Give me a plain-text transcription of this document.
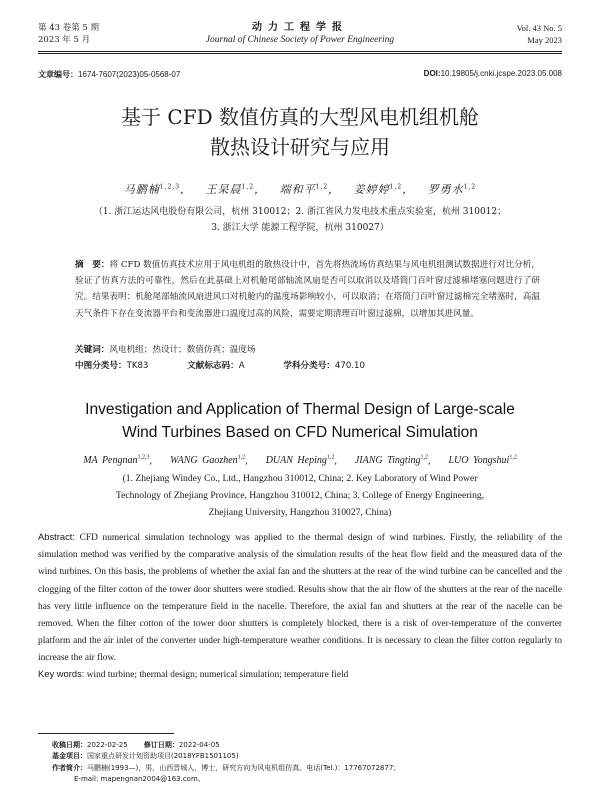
第 43 卷第 5 期
2023 年 5 月
动力工程学报
Journal of Chinese Society of Power Engineering
Vol. 43 No. 5
May 2023
文章编号：1674-7607(2023)05-0568-07	DOI:10.19805/j.cnki.jcspe.2023.05.008
基于 CFD 数值仿真的大型风电机组机舱
散热设计研究与应用
马鹏楠$^{1,2,3}$，   王杲晨$^{1,2}$，   端和平$^{1,2}$，   姜婷婷$^{1,2}$，   罗勇水$^{1,2}$
（1. 浙江运达风电股份有限公司，杭州 310012；2. 浙江省风力发电技术重点实验室，杭州 310012；
3. 浙江大学 能源工程学院，杭州 310027）
摘　要：将 CFD 数值仿真技术应用于风电机组的散热设计中，首先将热流场仿真结果与风电机组测试数据进行对比分析，验证了仿真方法的可靠性，然后在此基础上对机舱尾部轴流风扇是否可以取消以及塔筒门百叶窗过滤棉堵塞问题进行了研究。结果表明：机舱尾部轴流风扇进风口对机舱内的温度场影响较小，可以取消；在塔筒门百叶窗过滤棉完全堵塞时，高温天气条件下存在变流器平台和变流器进口温度过高的风险，需要定期清理百叶窗过滤棉，以增加其进风量。
关键词：风电机组；热设计；数值仿真；温度场
中图分类号：TK83	文献标志码：A	学科分类号：470.10
Investigation and Application of Thermal Design of Large-scale
Wind Turbines Based on CFD Numerical Simulation
MA Pengnan$^{1,2,3}$,    WANG Gaozhen$^{1,2}$,    DUAN Heping$^{1,2}$,    JIANG Tingting$^{1,2}$,    LUO Yongshui$^{1,2}$
(1. Zhejiang Windey Co., Ltd., Hangzhou 310012, China; 2. Key Laboratory of Wind Power
Technology of Zhejiang Province, Hangzhou 310012, China; 3. College of Energy Engineering,
Zhejiang University, Hangzhou 310027, China)
Abstract: CFD numerical simulation technology was applied to the thermal design of wind turbines. Firstly, the reliability of the simulation method was verified by the comparative analysis of the simulation results of the heat flow field and the measured data of the wind turbines. On this basis, the problems of whether the axial fan and the shutters at the rear of the wind turbine can be cancelled and the clogging of the filter cotton of the tower door shutters were studied. Results show that the air flow of the shutters at the rear of the nacelle has very little influence on the temperature field in the nacelle. Therefore, the axial fan and shutters at the rear of the nacelle can be removed. When the filter cotton of the tower door shutters is completely blocked, there is a risk of over-temperature of the converter platform and the air inlet of the converter under high-temperature weather conditions. It is necessary to clean the filter cotton regularly to increase the air flow.
Key words: wind turbine; thermal design; numerical simulation; temperature field
收稿日期：2022-02-25 修订日期：2022-04-05
基金项目：国家重点研发计划资助项目(2018YFB1501105)
作者简介：马鹏楠(1993—)，男，山西晋城人，博士，研究方向为风电机组仿真。电话(Tel.)：17767072877；
E-mail: mapengnan2004@163.com。
